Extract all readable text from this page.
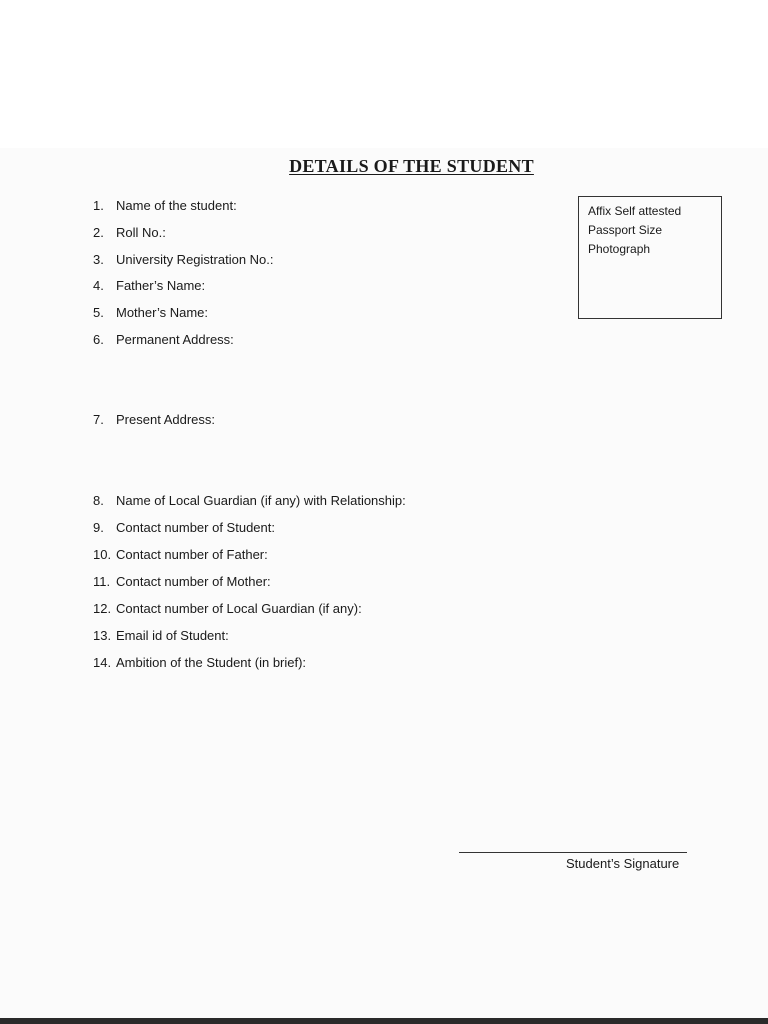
DETAILS OF THE STUDENT
1. Name of the student:
2. Roll No.:
3. University Registration No.:
4. Father’s Name:
5. Mother’s Name:
6. Permanent Address:
7. Present Address:
8. Name of Local Guardian (if any) with Relationship:
9. Contact number of Student:
10. Contact number of Father:
11. Contact number of Mother:
12. Contact number of Local Guardian (if any):
13. Email id of Student:
14. Ambition of the Student (in brief):
Affix Self attested
Passport Size
Photograph
Student’s Signature
